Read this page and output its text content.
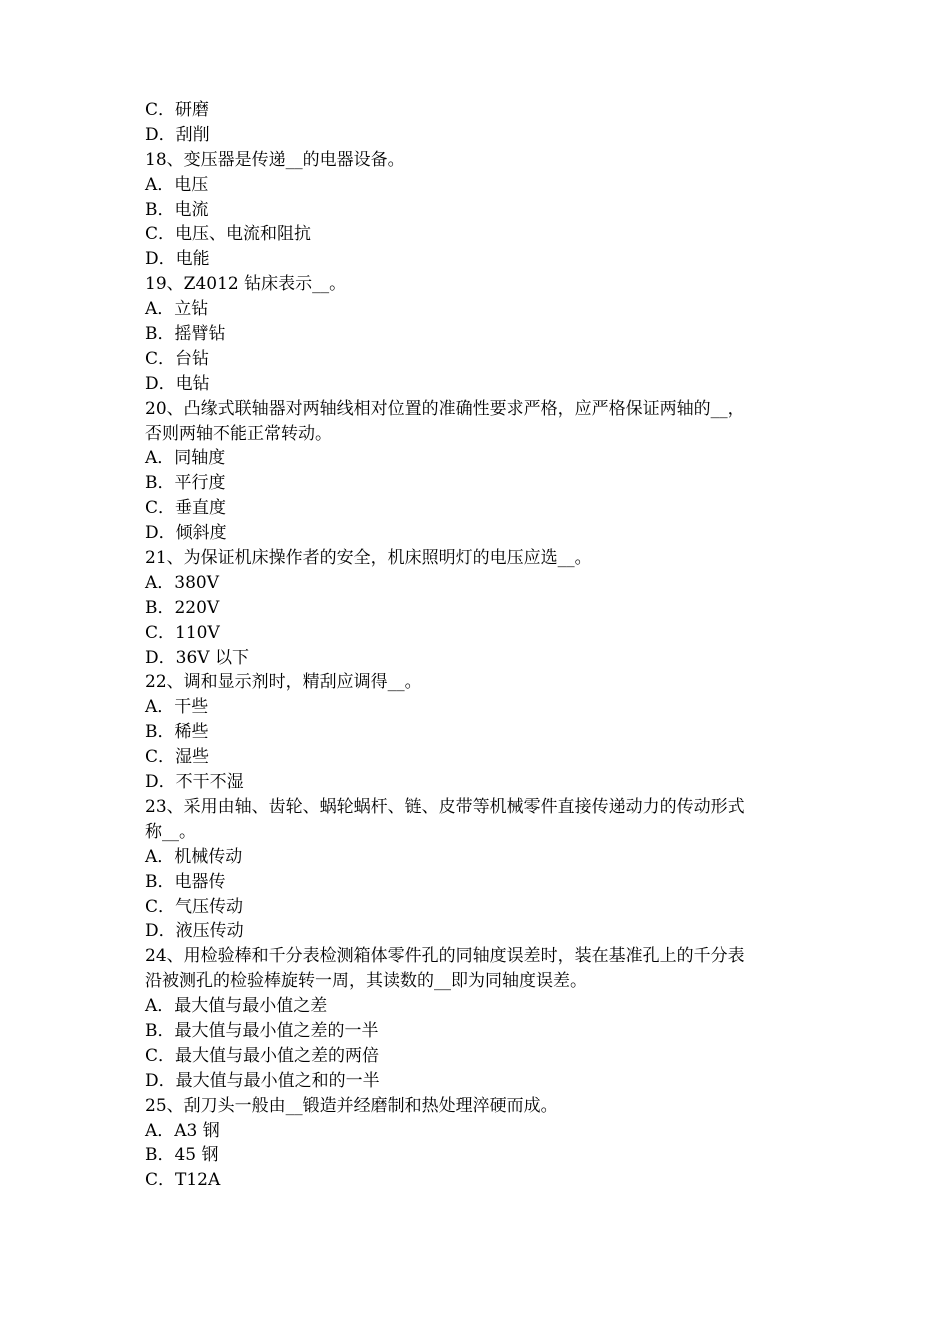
C．研磨
D．刮削
18、变压器是传递__的电器设备。
A．电压
B．电流
C．电压、电流和阻抗
D．电能
19、Z4012 钻床表示__。
A．立钻
B．摇臂钻
C．台钻
D．电钻
20、凸缘式联轴器对两轴线相对位置的准确性要求严格，应严格保证两轴的__，
否则两轴不能正常转动。
A．同轴度
B．平行度
C．垂直度
D．倾斜度
21、为保证机床操作者的安全，机床照明灯的电压应选__。
A．380V
B．220V
C．110V
D．36V 以下
22、调和显示剂时，精刮应调得__。
A．干些
B．稀些
C．湿些
D．不干不湿
23、采用由轴、齿轮、蜗轮蜗杆、链、皮带等机械零件直接传递动力的传动形式
称__。
A．机械传动
B．电器传
C．气压传动
D．液压传动
24、用检验棒和千分表检测箱体零件孔的同轴度误差时，装在基准孔上的千分表
沿被测孔的检验棒旋转一周，其读数的__即为同轴度误差。
A．最大值与最小值之差
B．最大值与最小值之差的一半
C．最大值与最小值之差的两倍
D．最大值与最小值之和的一半
25、刮刀头一般由__锻造并经磨制和热处理淬硬而成。
A．A3 钢
B．45 钢
C．T12A
